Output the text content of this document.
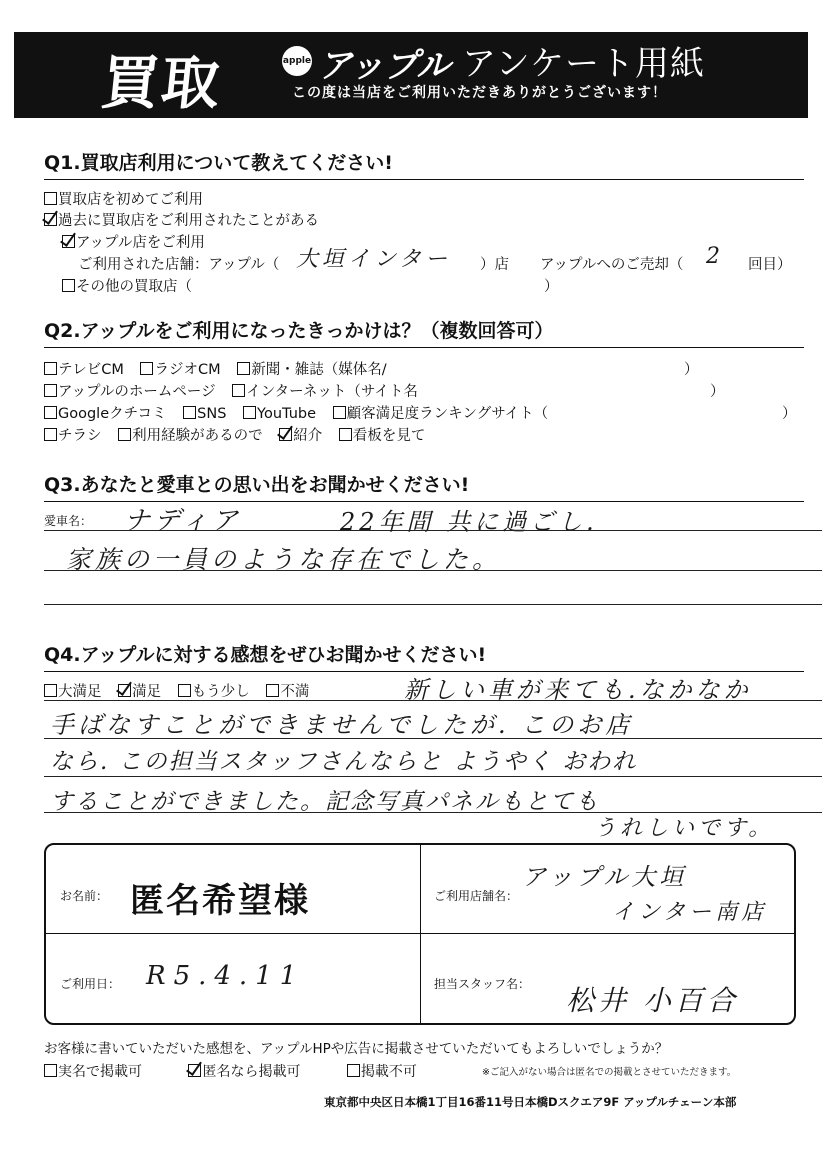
買取	apple アップル アンケート用紙
この度は当店をご利用いただきありがとうございます！
Q1.買取店利用について教えてください!
買取店を初めてご利用
過去に買取店をご利用されたことがある
アップル店をご利用
ご利用された店舗：アップル（ 大垣インター ）店 アップルへのご売却（ 2 回目）
その他の買取店（	）
Q2.アップルをご利用になったきっかけは？（複数回答可）
テレビCM ラジオCM 新聞・雑誌（媒体名/	）
アップルのホームページ インターネット（サイト名	）
Googleクチコミ SNS YouTube 顧客満足度ランキングサイト（	）
チラシ 利用経験があるので 紹介 看板を見て
Q3.あなたと愛車との思い出をお聞かせください!
愛車名： ナディア	22年間 共に過ごし.
家族の一員のような存在でした。
Q4.アップルに対する感想をぜひお聞かせください!
大満足 満足 もう少し 不満	新しい車が来ても.なかなか
手ばなすことができませんでしたが. このお店
なら. この担当スタッフさんならと ようやく おわれ
することができました。記念写真パネルもとても
うれしいです。
お名前： 匿名希望様	ご利用店舗名：
アップル大垣
インター南店
ご利用日： R5.4.11	担当スタッフ名： 松井 小百合
お客様に書いていただいた感想を、アップルHPや広告に掲載させていただいてもよろしいでしょうか？
実名で掲載可	匿名なら掲載可	掲載不可	※ご記入がない場合は匿名での掲載とさせていただきます。
東京都中央区日本橋1丁目16番11号日本橋Dスクエア9F アップルチェーン本部
